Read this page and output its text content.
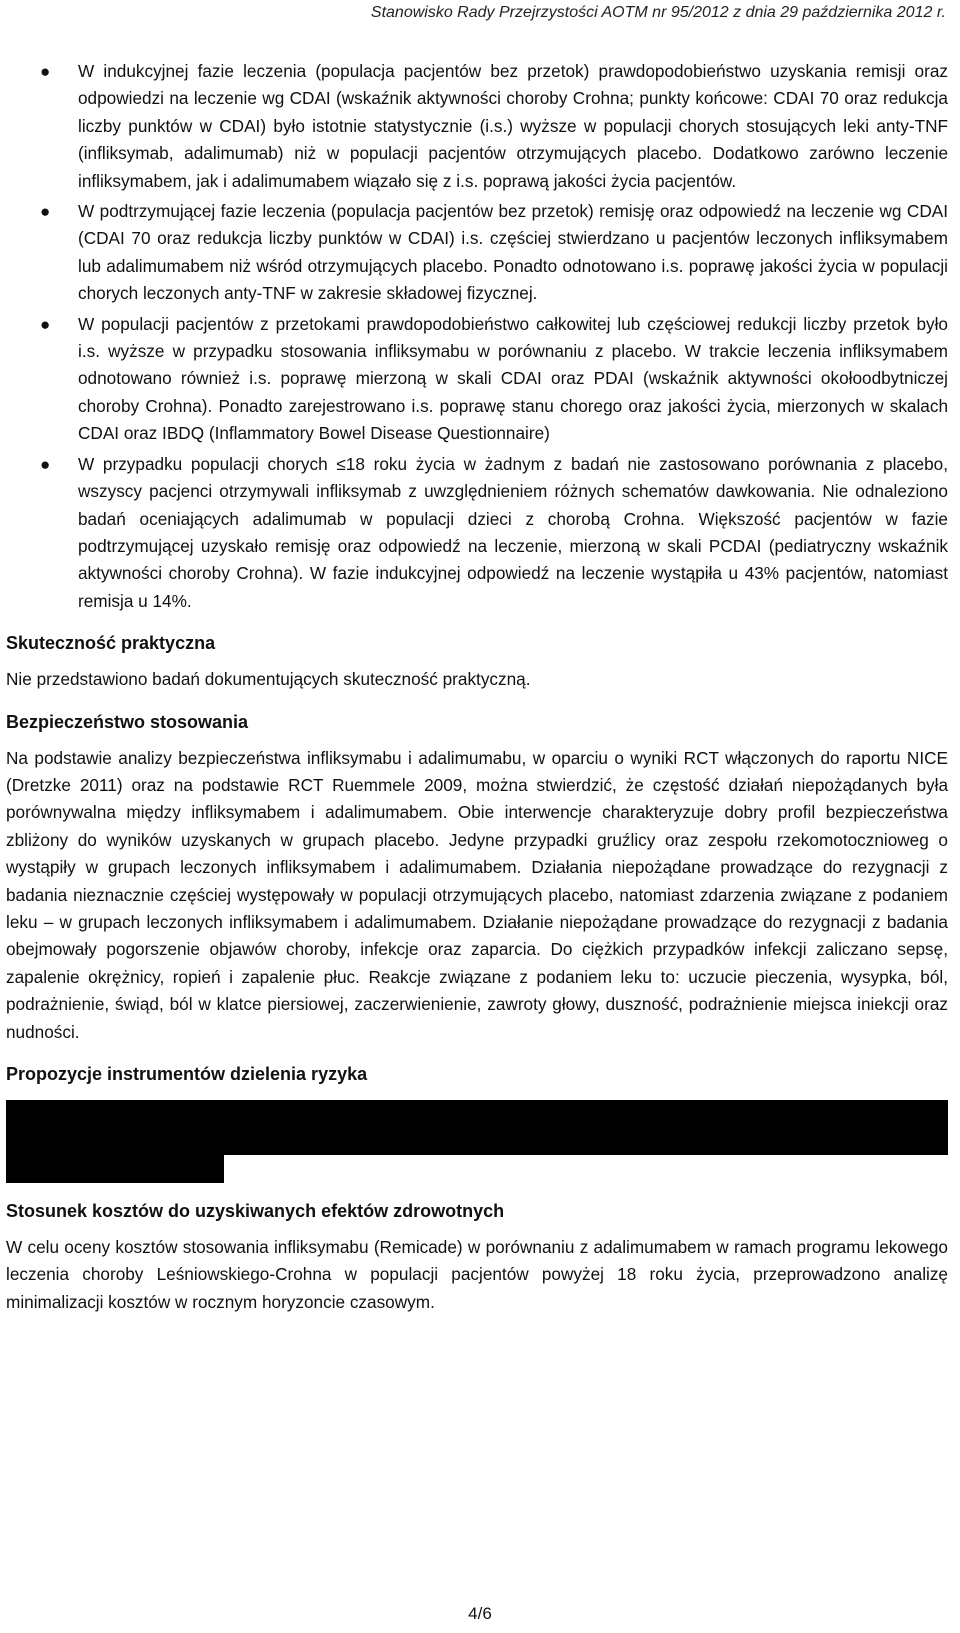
Stanowisko Rady Przejrzystości AOTM nr 95/2012 z dnia 29 października 2012 r.
● W indukcyjnej fazie leczenia (populacja pacjentów bez przetok) prawdopodobieństwo uzyskania remisji oraz odpowiedzi na leczenie wg CDAI (wskaźnik aktywności choroby Crohna; punkty końcowe: CDAI 70 oraz redukcja liczby punktów w CDAI) było istotnie statystycznie (i.s.) wyższe w populacji chorych stosujących leki anty-TNF (infliksymab, adalimumab) niż w populacji pacjentów otrzymujących placebo. Dodatkowo zarówno leczenie infliksymabem, jak i adalimumabem wiązało się z i.s. poprawą jakości życia pacjentów.
● W podtrzymującej fazie leczenia (populacja pacjentów bez przetok) remisję oraz odpowiedź na leczenie wg CDAI (CDAI 70 oraz redukcja liczby punktów w CDAI) i.s. częściej stwierdzano u pacjentów leczonych infliksymabem lub adalimumabem niż wśród otrzymujących placebo. Ponadto odnotowano i.s. poprawę jakości życia w populacji chorych leczonych anty-TNF w zakresie składowej fizycznej.
● W populacji pacjentów z przetokami prawdopodobieństwo całkowitej lub częściowej redukcji liczby przetok było i.s. wyższe w przypadku stosowania infliksymabu w porównaniu z placebo. W trakcie leczenia infliksymabem odnotowano również i.s. poprawę mierzoną w skali CDAI oraz PDAI (wskaźnik aktywności okołoodbytniczej choroby Crohna). Ponadto zarejestrowano i.s. poprawę stanu chorego oraz jakości życia, mierzonych w skalach CDAI oraz IBDQ (Inflammatory Bowel Disease Questionnaire)
● W przypadku populacji chorych ≤18 roku życia w żadnym z badań nie zastosowano porównania z placebo, wszyscy pacjenci otrzymywali infliksymab z uwzględnieniem różnych schematów dawkowania. Nie odnaleziono badań oceniających adalimumab w populacji dzieci z chorobą Crohna. Większość pacjentów w fazie podtrzymującej uzyskało remisję oraz odpowiedź na leczenie, mierzoną w skali PCDAI (pediatryczny wskaźnik aktywności choroby Crohna). W fazie indukcyjnej odpowiedź na leczenie wystąpiła u 43% pacjentów, natomiast remisja u 14%.
Skuteczność praktyczna

Nie przedstawiono badań dokumentujących skuteczność praktyczną.

Bezpieczeństwo stosowania

Na podstawie analizy bezpieczeństwa infliksymabu i adalimumabu, w oparciu o wyniki RCT włączonych do raportu NICE (Dretzke 2011) oraz na podstawie RCT Ruemmele 2009, można stwierdzić, że częstość działań niepożądanych była porównywalna między infliksymabem i adalimumabem. Obie interwencje charakteryzuje dobry profil bezpieczeństwa zbliżony do wyników uzyskanych w grupach placebo. Jedyne przypadki gruźlicy oraz zespołu rzekomotocznioweg o wystąpiły w grupach leczonych infliksymabem i adalimumabem. Działania niepożądane prowadzące do rezygnacji z badania nieznacznie częściej występowały w populacji otrzymujących placebo, natomiast zdarzenia związane z podaniem leku – w grupach leczonych infliksymabem i adalimumabem. Działanie niepożądane prowadzące do rezygnacji z badania obejmowały pogorszenie objawów choroby, infekcje oraz zaparcia. Do ciężkich przypadków infekcji zaliczano sepsę, zapalenie okrężnicy, ropień i zapalenie płuc. Reakcje związane z podaniem leku to: uczucie pieczenia, wysypka, ból, podrażnienie, świąd, ból w klatce piersiowej, zaczerwienienie, zawroty głowy, duszność, podrażnienie miejsca iniekcji oraz nudności.

Propozycje instrumentów dzielenia ryzyka
Stosunek kosztów do uzyskiwanych efektów zdrowotnych

W celu oceny kosztów stosowania infliksymabu (Remicade) w porównaniu z adalimumabem w ramach programu lekowego leczenia choroby Leśniowskiego-Crohna w populacji pacjentów powyżej 18 roku życia, przeprowadzono analizę minimalizacji kosztów w rocznym horyzoncie czasowym.

4/6
